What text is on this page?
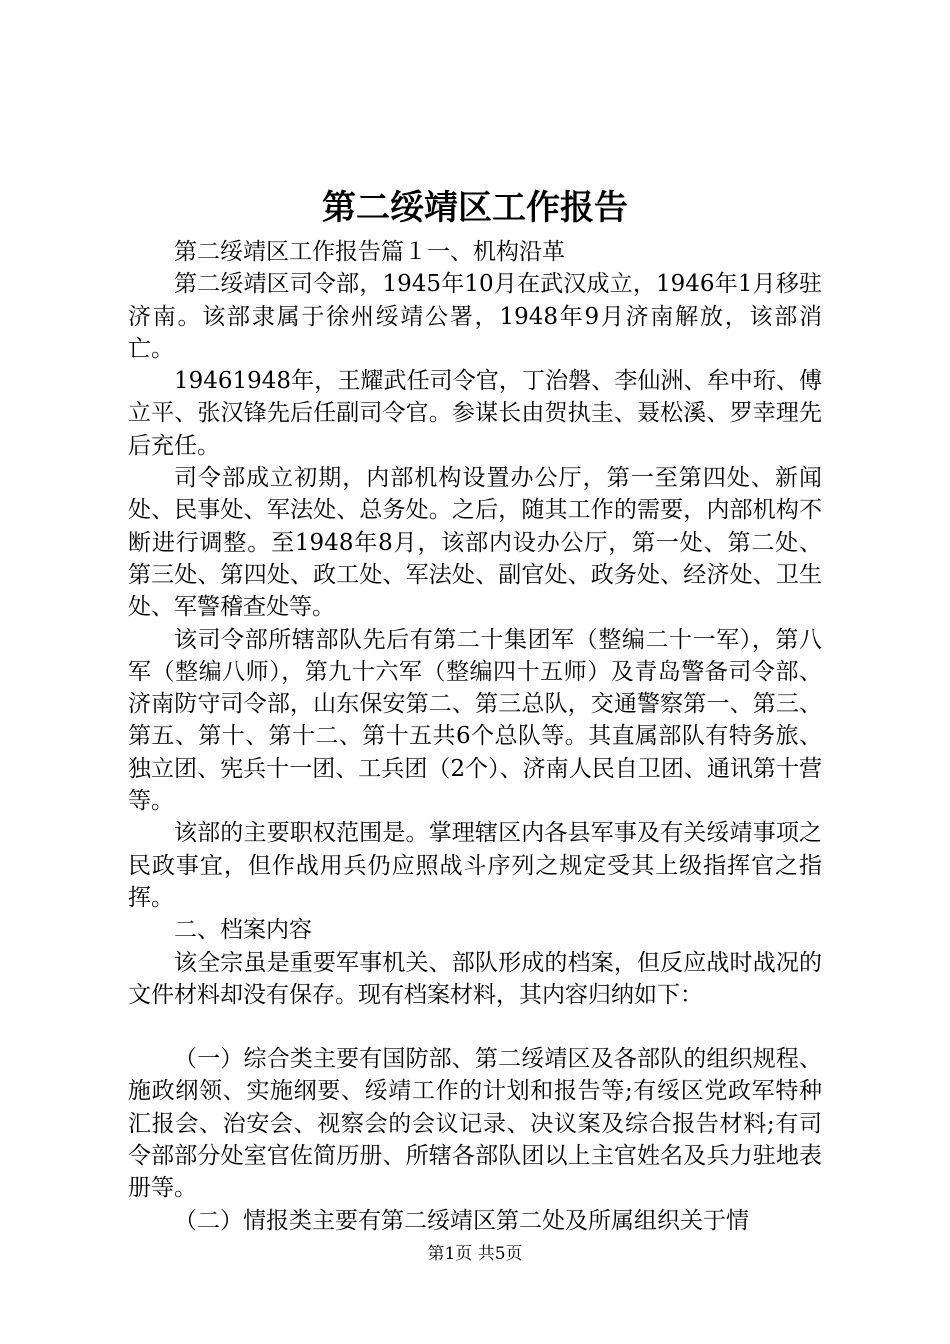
第二绥靖区工作报告

第二绥靖区工作报告篇１一、机构沿革

第二绥靖区司令部，1945年10月在武汉成立，1946年1月移驻济南。该部隶属于徐州绥靖公署，1948年9月济南解放，该部消亡。

19461948年，王耀武任司令官，丁治磐、李仙洲、牟中珩、傅立平、张汉锋先后任副司令官。参谋长由贺执圭、聂松溪、罗幸理先后充任。

司令部成立初期，内部机构设置办公厅，第一至第四处、新闻处、民事处、军法处、总务处。之后，随其工作的需要，内部机构不断进行调整。至1948年8月，该部内设办公厅，第一处、第二处、第三处、第四处、政工处、军法处、副官处、政务处、经济处、卫生处、军警稽查处等。

该司令部所辖部队先后有第二十集团军（整编二十一军），第八军（整编八师），第九十六军（整编四十五师）及青岛警备司令部、济南防守司令部，山东保安第二、第三总队，交通警察第一、第三、第五、第十、第十二、第十五共6个总队等。其直属部队有特务旅、独立团、宪兵十一团、工兵团（2个）、济南人民自卫团、通讯第十营等。

该部的主要职权范围是。掌理辖区内各县军事及有关绥靖事项之民政事宜，但作战用兵仍应照战斗序列之规定受其上级指挥官之指挥。

二、档案内容

该全宗虽是重要军事机关、部队形成的档案，但反应战时战况的文件材料却没有保存。现有档案材料，其内容归纳如下：

（一）综合类主要有国防部、第二绥靖区及各部队的组织规程、施政纲领、实施纲要、绥靖工作的计划和报告等;有绥区党政军特种汇报会、治安会、视察会的会议记录、决议案及综合报告材料;有司令部部分处室官佐简历册、所辖各部队团以上主官姓名及兵力驻地表册等。

（二）情报类主要有第二绥靖区第二处及所属组织关于情

第1页 共5页
